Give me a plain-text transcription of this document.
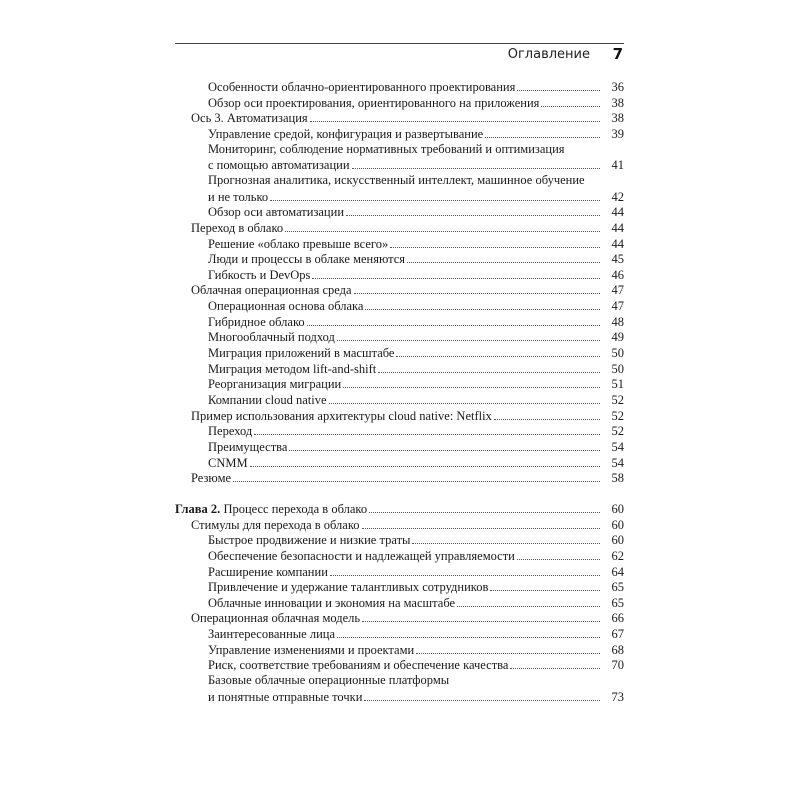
Оглавление 7
Особенности облачно-ориентированного проектирования	36
Обзор оси проектирования, ориентированного на приложения	38
Ось 3. Автоматизация	38
Управление средой, конфигурация и развертывание	39
Мониторинг, соблюдение нормативных требований и оптимизация
с помощью автоматизации	41
Прогнозная аналитика, искусственный интеллект, машинное обучение
и не только	42
Обзор оси автоматизации	44
Переход в облако	44
Решение «облако превыше всего»	44
Люди и процессы в облаке меняются	45
Гибкость и DevOps	46
Облачная операционная среда	47
Операционная основа облака	47
Гибридное облако	48
Многооблачный подход	49
Миграция приложений в масштабе	50
Миграция методом lift-and-shift	50
Реорганизация миграции	51
Компании cloud native	52
Пример использования архитектуры cloud native: Netflix	52
Переход	52
Преимущества	54
CNMM	54
Резюме	58
Глава 2. Процесс перехода в облако	60
Стимулы для перехода в облако	60
Быстрое продвижение и низкие траты	60
Обеспечение безопасности и надлежащей управляемости	62
Расширение компании	64
Привлечение и удержание талантливых сотрудников	65
Облачные инновации и экономия на масштабе	65
Операционная облачная модель	66
Заинтересованные лица	67
Управление изменениями и проектами	68
Риск, соответствие требованиям и обеспечение качества	70
Базовые облачные операционные платформы
и понятные отправные точки	73
